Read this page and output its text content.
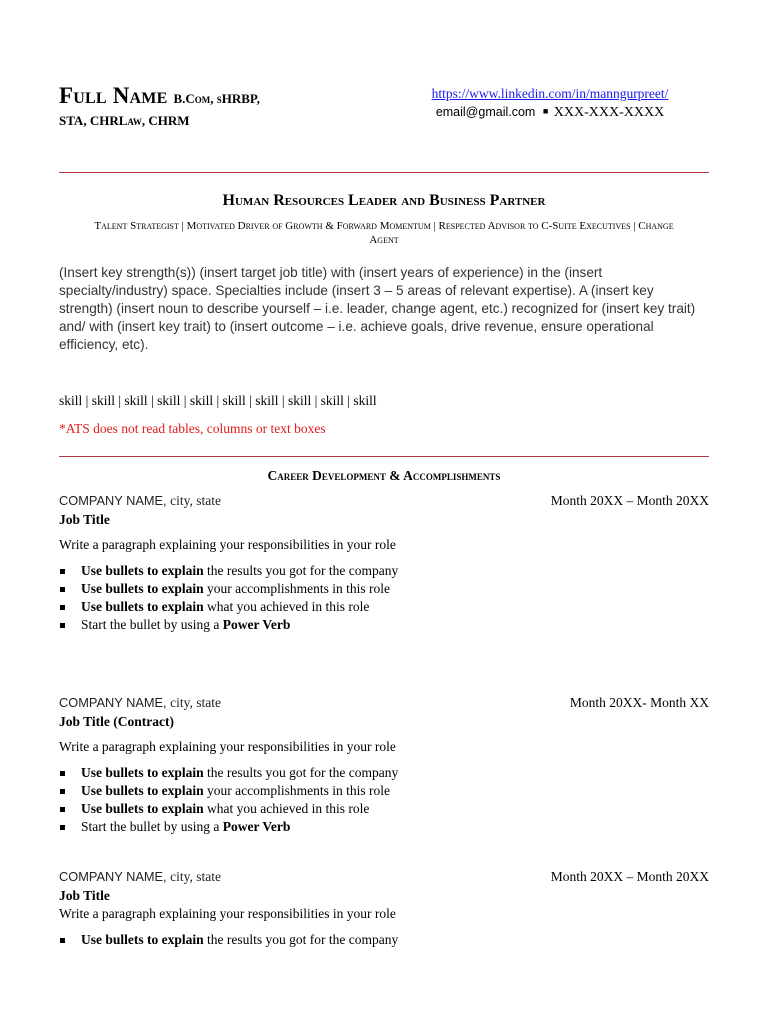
Full Name B.Com, sHRBP,
STA, CHRLaw, CHRM
https://www.linkedin.com/in/manngurpreet/
email@gmail.com ■ XXX-XXX-XXXX
Human Resources Leader and Business Partner
Talent Strategist | Motivated Driver of Growth & Forward Momentum | Respected Advisor to C-Suite Executives | Change Agent
(Insert key strength(s)) (insert target job title) with (insert years of experience) in the (insert specialty/industry) space. Specialties include (insert 3 – 5 areas of relevant expertise). A (insert key strength) (insert noun to describe yourself – i.e. leader, change agent, etc.) recognized for (insert key trait) and/ with (insert key trait) to (insert outcome – i.e. achieve goals, drive revenue, ensure operational efficiency, etc).
skill | skill | skill | skill | skill | skill | skill | skill | skill | skill
*ATS does not read tables, columns or text boxes
Career Development & Accomplishments
COMPANY NAME, city, state	Month 20XX – Month 20XX
Job Title
Write a paragraph explaining your responsibilities in your role
Use bullets to explain the results you got for the company
Use bullets to explain your accomplishments in this role
Use bullets to explain what you achieved in this role
Start the bullet by using a Power Verb
COMPANY NAME, city, state	Month 20XX- Month XX
Job Title (Contract)
Write a paragraph explaining your responsibilities in your role
Use bullets to explain the results you got for the company
Use bullets to explain your accomplishments in this role
Use bullets to explain what you achieved in this role
Start the bullet by using a Power Verb
COMPANY NAME, city, state	Month 20XX – Month 20XX
Job Title
Write a paragraph explaining your responsibilities in your role
Use bullets to explain the results you got for the company
